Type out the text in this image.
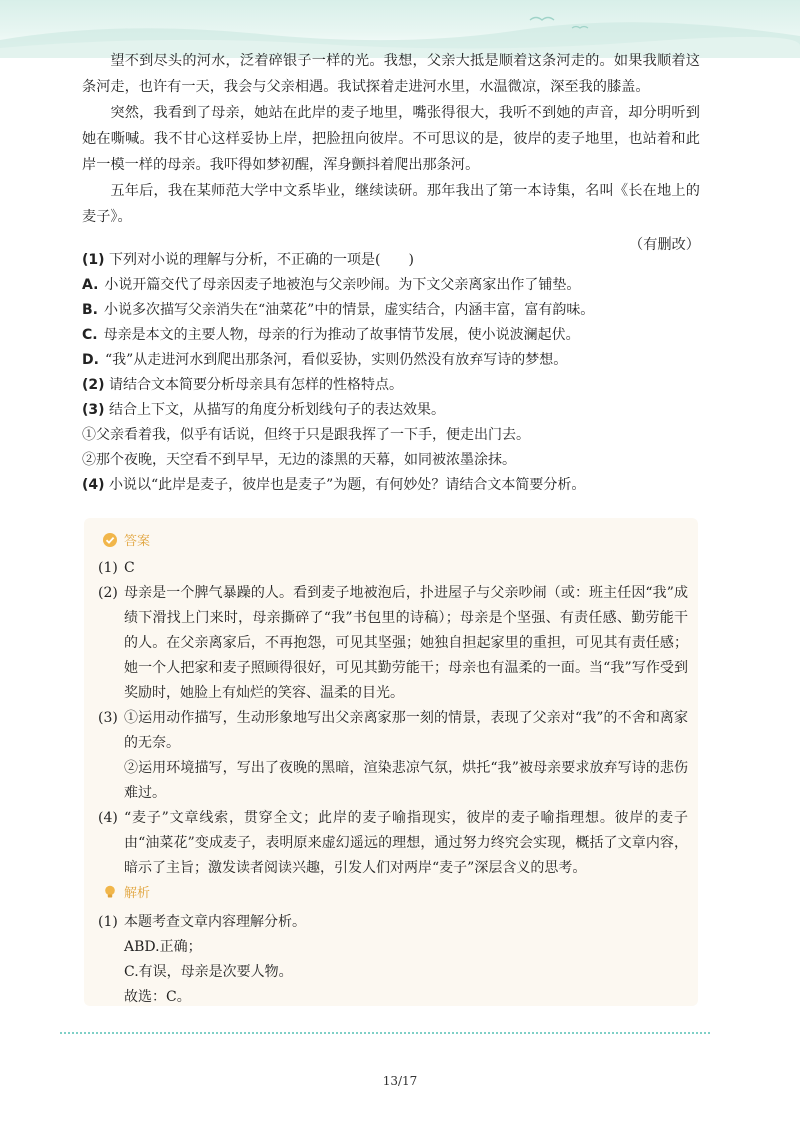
望不到尽头的河水，泛着碎银子一样的光。我想，父亲大抵是顺着这条河走的。如果我顺着这条河走，也许有一天，我会与父亲相遇。我试探着走进河水里，水温微凉，深至我的膝盖。

突然，我看到了母亲，她站在此岸的麦子地里，嘴张得很大，我听不到她的声音，却分明听到她在嘶喊。我不甘心这样妥协上岸，把脸扭向彼岸。不可思议的是，彼岸的麦子地里，也站着和此岸一模一样的母亲。我吓得如梦初醒，浑身颤抖着爬出那条河。

五年后，我在某师范大学中文系毕业，继续读研。那年我出了第一本诗集，名叫《长在地上的麦子》。

（有删改）

(1) 下列对小说的理解与分析，不正确的一项是(　　)

A. 小说开篇交代了母亲因麦子地被泡与父亲吵闹。为下文父亲离家出作了铺垫。

B. 小说多次描写父亲消失在“油菜花”中的情景，虚实结合，内涵丰富，富有韵味。

C. 母亲是本文的主要人物，母亲的行为推动了故事情节发展，使小说波澜起伏。

D. “我”从走进河水到爬出那条河，看似妥协，实则仍然没有放弃写诗的梦想。

(2) 请结合文本简要分析母亲具有怎样的性格特点。

(3) 结合上下文，从描写的角度分析划线句子的表达效果。

①父亲看着我，似乎有话说，但终于只是跟我挥了一下手，便走出门去。

②那个夜晚，天空看不到早早，无边的漆黑的天幕，如同被浓墨涂抹。

(4) 小说以“此岸是麦子，彼岸也是麦子”为题，有何妙处？请结合文本简要分析。

答案
(1) C
(2) 母亲是一个脾气暴躁的人。看到麦子地被泡后，扑进屋子与父亲吵闹（或：班主任因“我”成绩下滑找上门来时，母亲撕碎了“我”书包里的诗稿）；母亲是个坚强、有责任感、勤劳能干的人。在父亲离家后，不再抱怨，可见其坚强；她独自担起家里的重担，可见其有责任感；她一个人把家和麦子照顾得很好，可见其勤劳能干；母亲也有温柔的一面。当“我”写作受到奖励时，她脸上有灿烂的笑容、温柔的目光。
(3) ①运用动作描写，生动形象地写出父亲离家那一刻的情景，表现了父亲对“我”的不舍和离家的无奈。

②运用环境描写，写出了夜晚的黑暗，渲染悲凉气氛，烘托“我”被母亲要求放弃写诗的悲伤难过。

(4) “麦子”文章线索，贯穿全文；此岸的麦子喻指现实，彼岸的麦子喻指理想。彼岸的麦子由“油菜花”变成麦子，表明原来虚幻遥远的理想，通过努力终究会实现，概括了文章内容，暗示了主旨；激发读者阅读兴趣，引发人们对两岸“麦子”深层含义的思考。
解析
(1) 本题考查文章内容理解分析。

ABD.正确；

C.有误，母亲是次要人物。

故选：C。

13/17
